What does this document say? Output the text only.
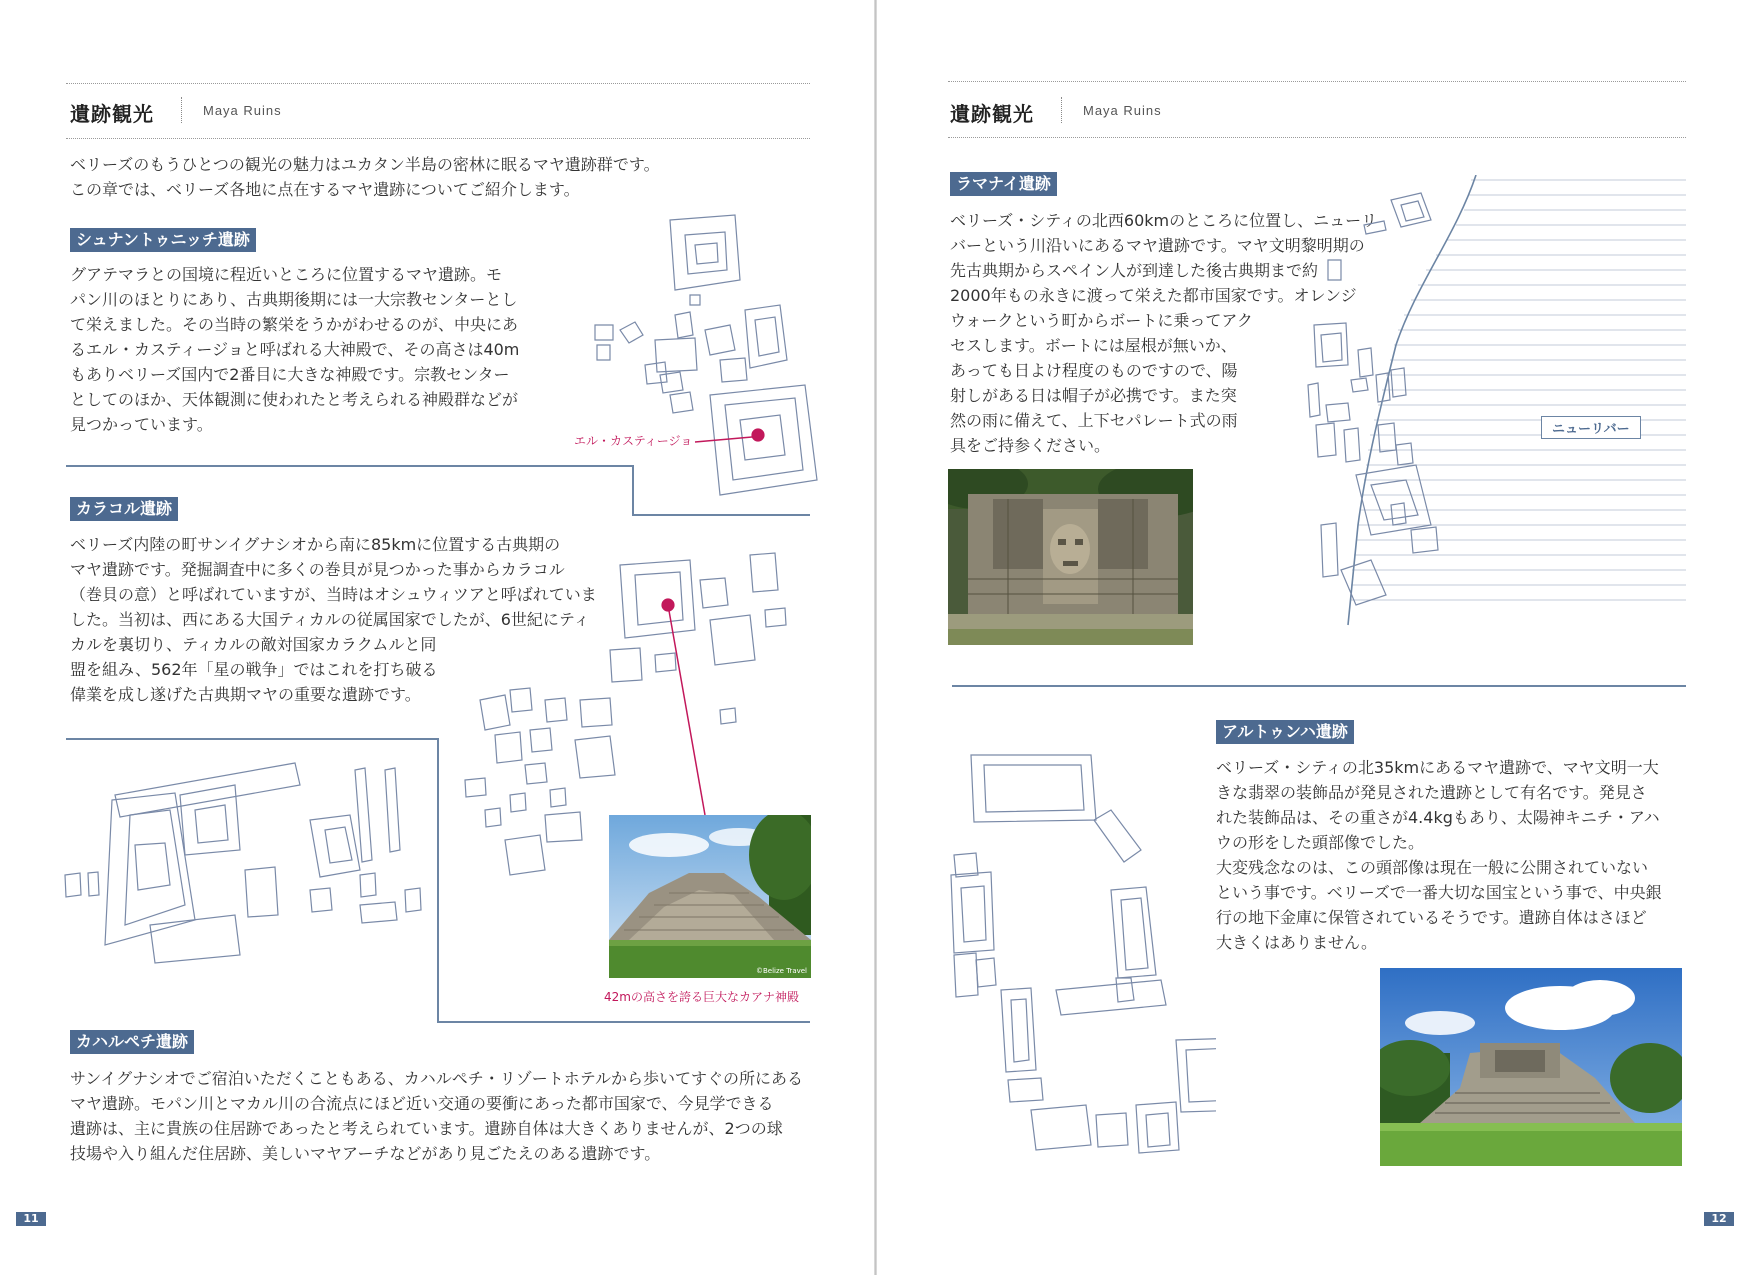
遺跡観光	Maya Ruins

ベリーズのもうひとつの観光の魅力はユカタン半島の密林に眠るマヤ遺跡群です。

この章では、ベリーズ各地に点在するマヤ遺跡についてご紹介します。

シュナントゥニッチ遺跡

グアテマラとの国境に程近いところに位置するマヤ遺跡。モ

パン川のほとりにあり、古典期後期には一大宗教センターとし

て栄えました。その当時の繁栄をうかがわせるのが、中央にあ

るエル・カスティージョと呼ばれる大神殿で、その高さは40m

もありベリーズ国内で2番目に大きな神殿です。宗教センター

としてのほか、天体観測に使われたと考えられる神殿群などが

見つかっています。

エル・カスティージョ
カラコル遺跡

ベリーズ内陸の町サンイグナシオから南に85kmに位置する古典期の

マヤ遺跡です。発掘調査中に多くの巻貝が見つかった事からカラコル

（巻貝の意）と呼ばれていますが、当時はオシュウィツアと呼ばれていま

した。当初は、西にある大国ティカルの従属国家でしたが、6世紀にティ

カルを裏切り、ティカルの敵対国家カラクムルと同

盟を組み、562年「星の戦争」ではこれを打ち破る

偉業を成し遂げた古典期マヤの重要な遺跡です。

©Belize Travel
42mの高さを誇る巨大なカアナ神殿
カハルペチ遺跡

サンイグナシオでご宿泊いただくこともある、カハルペチ・リゾートホテルから歩いてすぐの所にある

マヤ遺跡。モパン川とマカル川の合流点にほど近い交通の要衝にあった都市国家で、今見学できる

遺跡は、主に貴族の住居跡であったと考えられています。遺跡自体は大きくありませんが、2つの球

技場や入り組んだ住居跡、美しいマヤアーチなどがあり見ごたえのある遺跡です。

11
遺跡観光	Maya Ruins
ラマナイ遺跡

ベリーズ・シティの北西60kmのところに位置し、ニューリ

バーという川沿いにあるマヤ遺跡です。マヤ文明黎明期の

先古典期からスペイン人が到達した後古典期まで約

2000年もの永きに渡って栄えた都市国家です。オレンジ

ウォークという町からボートに乗ってアク

セスします。ボートには屋根が無いか、

あっても日よけ程度のものですので、陽

射しがある日は帽子が必携です。また突

然の雨に備えて、上下セパレート式の雨

具をご持参ください。

ニューリバー
アルトゥンハ遺跡

ベリーズ・シティの北35kmにあるマヤ遺跡で、マヤ文明一大

きな翡翠の装飾品が発見された遺跡として有名です。発見さ

れた装飾品は、その重さが4.4kgもあり、太陽神キニチ・アハ

ウの形をした頭部像でした。

大変残念なのは、この頭部像は現在一般に公開されていない

という事です。ベリーズで一番大切な国宝という事で、中央銀

行の地下金庫に保管されているそうです。遺跡自体はさほど

大きくはありません。

12
